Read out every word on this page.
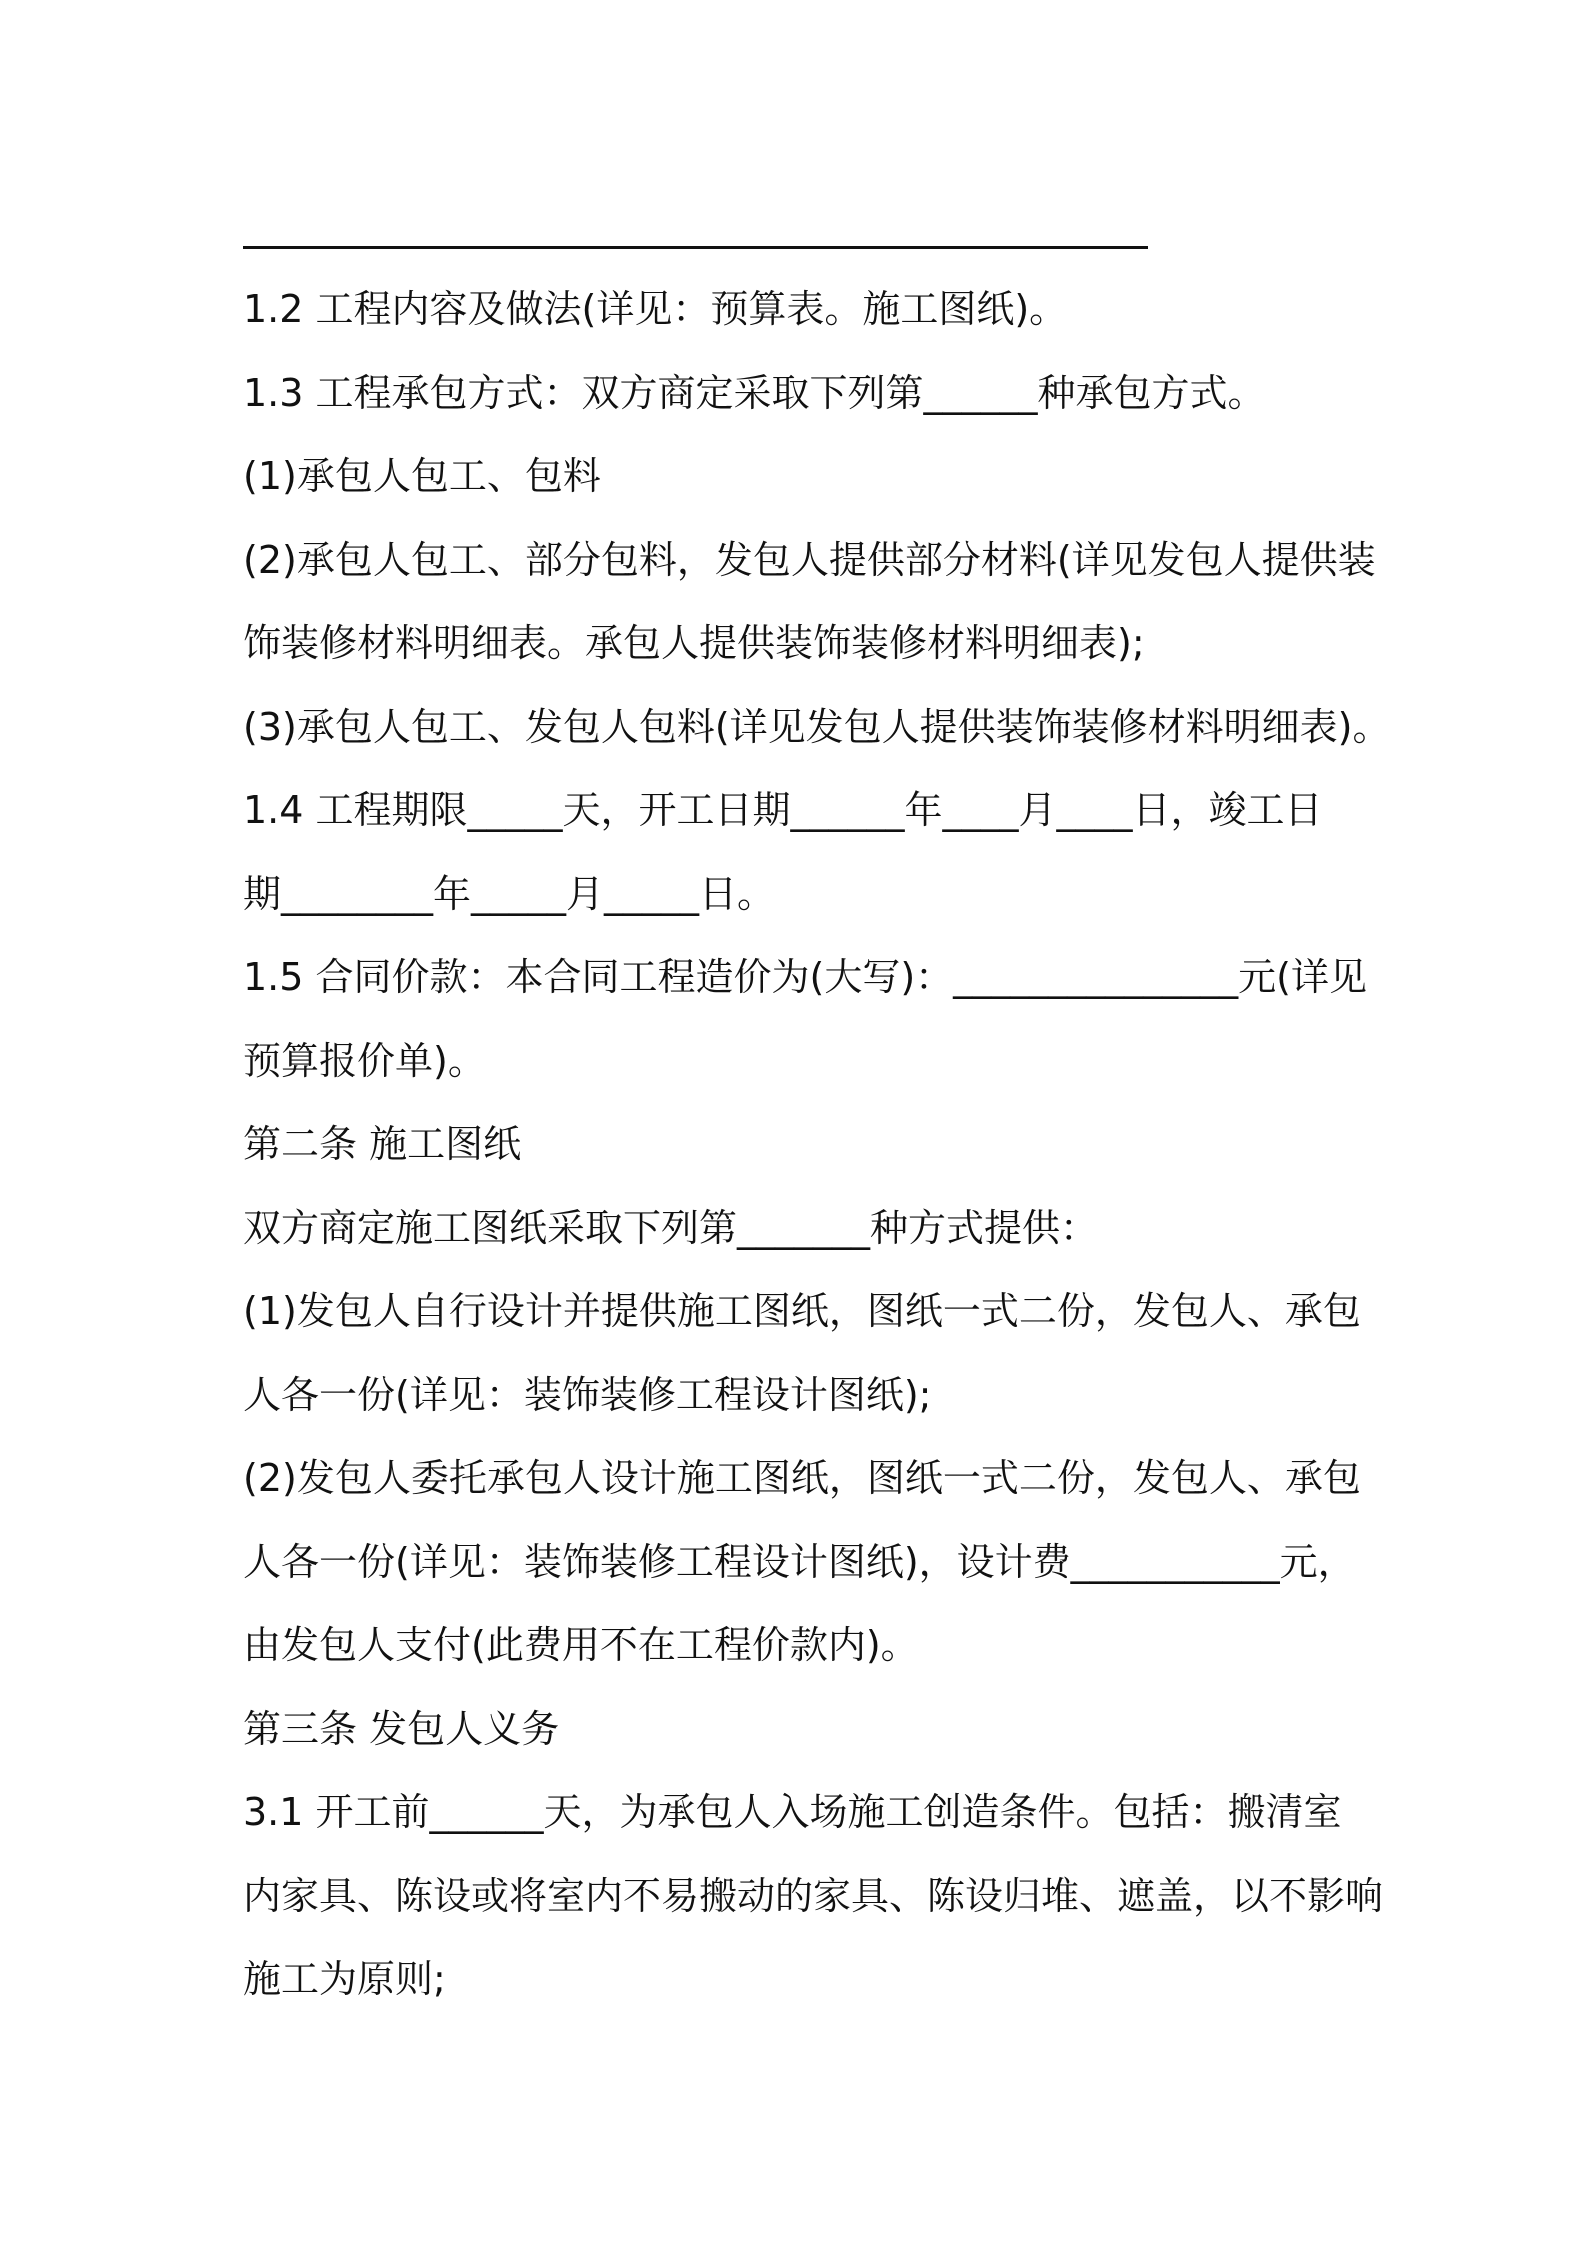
1.2 工程内容及做法(详见：预算表。施工图纸)。
1.3 工程承包方式：双方商定采取下列第______种承包方式。
(1)承包人包工、包料
(2)承包人包工、部分包料，发包人提供部分材料(详见发包人提供装
饰装修材料明细表。承包人提供装饰装修材料明细表);
(3)承包人包工、发包人包料(详见发包人提供装饰装修材料明细表)。
1.4 工程期限_____天，开工日期______年____月____日，竣工日
期________年_____月_____日。
1.5 合同价款：本合同工程造价为(大写)：_______________元(详见
预算报价单)。
第二条 施工图纸
双方商定施工图纸采取下列第_______种方式提供：
(1)发包人自行设计并提供施工图纸，图纸一式二份，发包人、承包
人各一份(详见：装饰装修工程设计图纸);
(2)发包人委托承包人设计施工图纸，图纸一式二份，发包人、承包
人各一份(详见：装饰装修工程设计图纸)，设计费___________元，
由发包人支付(此费用不在工程价款内)。
第三条 发包人义务
3.1 开工前______天，为承包人入场施工创造条件。包括：搬清室
内家具、陈设或将室内不易搬动的家具、陈设归堆、遮盖，以不影响
施工为原则;
